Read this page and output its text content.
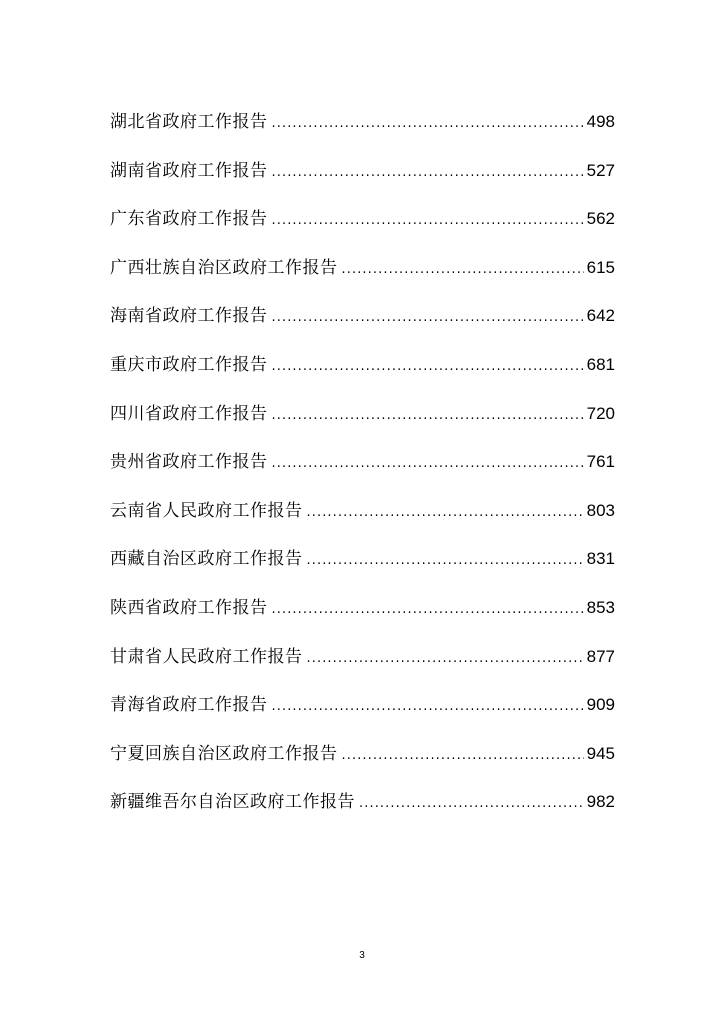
湖北省政府工作报告 .....	498
湖南省政府工作报告 .....	527
广东省政府工作报告 .....	562
广西壮族自治区政府工作报告 .....	615
海南省政府工作报告 .....	642
重庆市政府工作报告 .....	681
四川省政府工作报告 .....	720
贵州省政府工作报告 .....	761
云南省人民政府工作报告 .....	803
西藏自治区政府工作报告 .....	831
陕西省政府工作报告 .....	853
甘肃省人民政府工作报告 .....	877
青海省政府工作报告 .....	909
宁夏回族自治区政府工作报告 .....	945
新疆维吾尔自治区政府工作报告 .....	982
3
